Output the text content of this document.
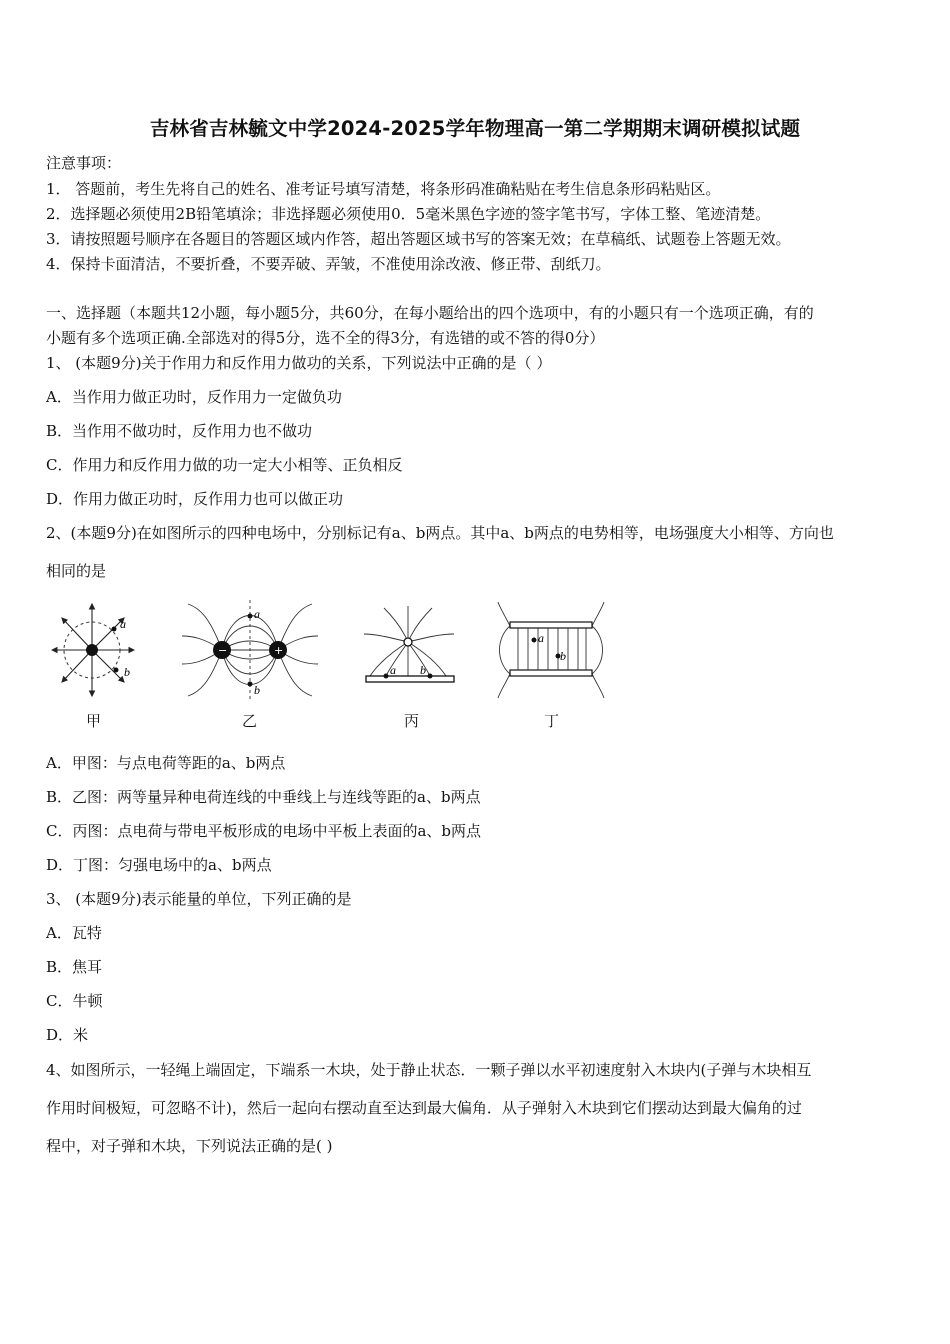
吉林省吉林毓文中学2024-2025学年物理高一第二学期期末调研模拟试题
注意事项：
1． 答题前，考生先将自己的姓名、准考证号填写清楚，将条形码准确粘贴在考生信息条形码粘贴区。
2．选择题必须使用2B铅笔填涂；非选择题必须使用0．5毫米黑色字迹的签字笔书写，字体工整、笔迹清楚。
3．请按照题号顺序在各题目的答题区域内作答，超出答题区域书写的答案无效；在草稿纸、试题卷上答题无效。
4．保持卡面清洁，不要折叠，不要弄破、弄皱，不准使用涂改液、修正带、刮纸刀。
一、选择题（本题共12小题，每小题5分，共60分，在每小题给出的四个选项中，有的小题只有一个选项正确，有的
小题有多个选项正确.全部选对的得5分，选不全的得3分，有选错的或不答的得0分）
1、 (本题9分)关于作用力和反作用力做功的关系，下列说法中正确的是（ ）
A．当作用力做正功时，反作用力一定做负功
B．当作用不做功时，反作用力也不做功
C．作用力和反作用力做的功一定大小相等、正负相反
D．作用力做正功时，反作用力也可以做正功
2、(本题9分)在如图所示的四种电场中，分别标记有a、b两点。其中a、b两点的电势相等，电场强度大小相等、方向也
相同的是
a
b
−	+
a
b
a b
a
b
甲	乙	丙	丁
A．甲图：与点电荷等距的a、b两点
B．乙图：两等量异种电荷连线的中垂线上与连线等距的a、b两点
C．丙图：点电荷与带电平板形成的电场中平板上表面的a、b两点
D．丁图：匀强电场中的a、b两点
3、 (本题9分)表示能量的单位，下列正确的是
A．瓦特
B．焦耳
C．牛顿
D．米
4、如图所示，一轻绳上端固定，下端系一木块，处于静止状态．一颗子弹以水平初速度射入木块内(子弹与木块相互
作用时间极短，可忽略不计)，然后一起向右摆动直至达到最大偏角．从子弹射入木块到它们摆动达到最大偏角的过
程中，对子弹和木块，下列说法正确的是( )
